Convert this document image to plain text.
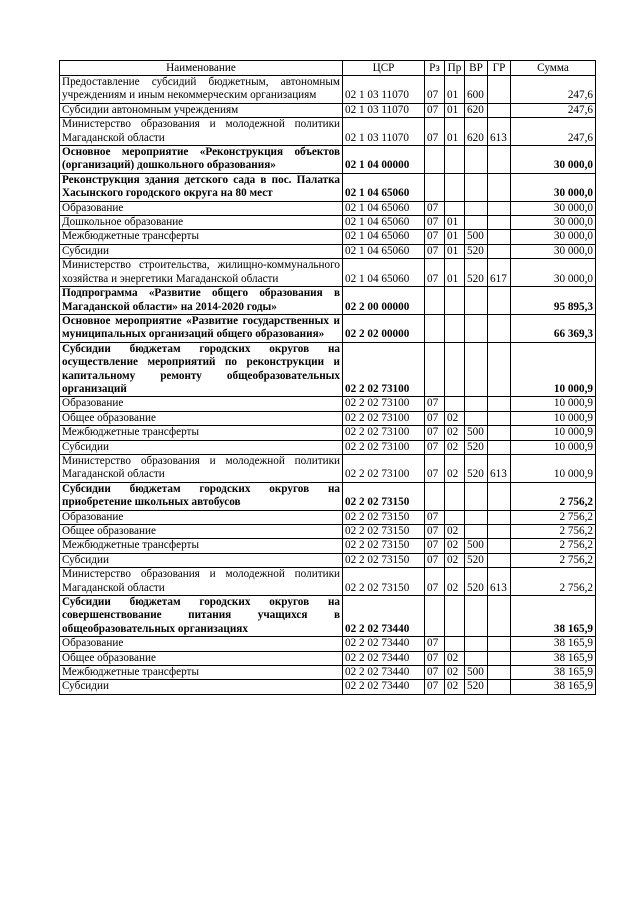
Наименование	ЦСР	Рз	Пр	ВР	ГР	Сумма
Предоставление субсидий бюджетным, автономным учреждениям и иным некоммерческим организациям	02 1 03 11070	07	01	600		247,6
Субсидии автономным учреждениям	02 1 03 11070	07	01	620		247,6
Министерство образования и молодежной политики Магаданской области	02 1 03 11070	07	01	620	613	247,6
Основное мероприятие «Реконструкция объектов (организаций) дошкольного образования»	02 1 04 00000					30 000,0
Реконструкция здания детского сада в пос. Палатка Хасынского городского округа на 80 мест	02 1 04 65060					30 000,0
Образование	02 1 04 65060	07				30 000,0
Дошкольное образование	02 1 04 65060	07	01			30 000,0
Межбюджетные трансферты	02 1 04 65060	07	01	500		30 000,0
Субсидии	02 1 04 65060	07	01	520		30 000,0
Министерство строительства, жилищно-коммунального хозяйства и энергетики Магаданской области	02 1 04 65060	07	01	520	617	30 000,0
Подпрограмма «Развитие общего образования в Магаданской области» на 2014-2020 годы»	02 2 00 00000					95 895,3
Основное мероприятие «Развитие государственных и муниципальных организаций общего образования»	02 2 02 00000					66 369,3
Субсидии бюджетам городских округов на осуществление мероприятий по реконструкции и капитальному ремонту общеобразовательных организаций	02 2 02 73100					10 000,9
Образование	02 2 02 73100	07				10 000,9
Общее образование	02 2 02 73100	07	02			10 000,9
Межбюджетные трансферты	02 2 02 73100	07	02	500		10 000,9
Субсидии	02 2 02 73100	07	02	520		10 000,9
Министерство образования и молодежной политики Магаданской области	02 2 02 73100	07	02	520	613	10 000,9
Субсидии бюджетам городских округов на приобретение школьных автобусов	02 2 02 73150					2 756,2
Образование	02 2 02 73150	07				2 756,2
Общее образование	02 2 02 73150	07	02			2 756,2
Межбюджетные трансферты	02 2 02 73150	07	02	500		2 756,2
Субсидии	02 2 02 73150	07	02	520		2 756,2
Министерство образования и молодежной политики Магаданской области	02 2 02 73150	07	02	520	613	2 756,2
Субсидии бюджетам городских округов на совершенствование питания учащихся в общеобразовательных организациях	02 2 02 73440					38 165,9
Образование	02 2 02 73440	07				38 165,9
Общее образование	02 2 02 73440	07	02			38 165,9
Межбюджетные трансферты	02 2 02 73440	07	02	500		38 165,9
Субсидии	02 2 02 73440	07	02	520		38 165,9
